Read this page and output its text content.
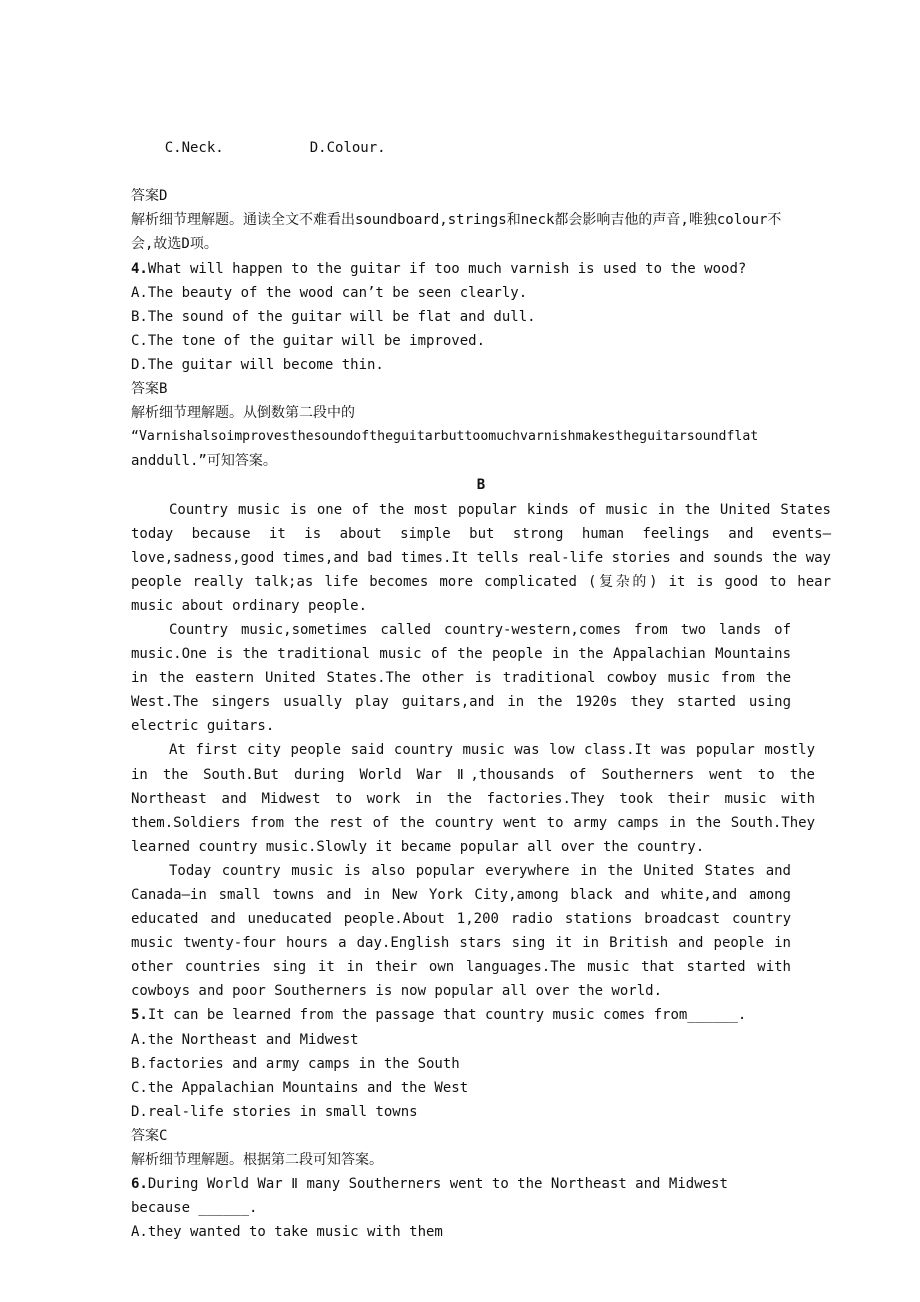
C.Neck.	D.Colour.

答案D
解析细节理解题。通读全文不难看出soundboard,strings和neck都会影响吉他的声音,唯独colour不会,故选D项。
4.What will happen to the guitar if too much varnish is used to the wood?
A.The beauty of the wood can’t be seen clearly.
B.The sound of the guitar will be flat and dull.
C.The tone of the guitar will be improved.
D.The guitar will become thin.
答案B
解析细节理解题。从倒数第二段中的
“Varnishalsoimprovesthesoundoftheguitarbuttoomuchvarnishmakestheguitarsoundflat
anddull.”可知答案。
B
Country music is one of the most popular kinds of music in the United States today because it is about simple but strong human feelings and events—love,sadness,good times,and bad times.It tells real-life stories and sounds the way people really talk;as life becomes more complicated (复杂的) it is good to hear music about ordinary people.
Country music,sometimes called country-western,comes from two lands of music.One is the traditional music of the people in the Appalachian Mountains in the eastern United States.The other is traditional cowboy music from the West.The singers usually play guitars,and in the 1920s they started using electric guitars.
At first city people said country music was low class.It was popular mostly in the South.But during World War Ⅱ,thousands of Southerners went to the Northeast and Midwest to work in the factories.They took their music with them.Soldiers from the rest of the country went to army camps in the South.They learned country music.Slowly it became popular all over the country.
Today country music is also popular everywhere in the United States and Canada—in small towns and in New York City,among black and white,and among educated and uneducated people.About 1,200 radio stations broadcast country music twenty-four hours a day.English stars sing it in British and people in other countries sing it in their own languages.The music that started with cowboys and poor Southerners is now popular all over the world.
5.It can be learned from the passage that country music comes from______.
A.the Northeast and Midwest
B.factories and army camps in the South
C.the Appalachian Mountains and the West
D.real-life stories in small towns
答案C
解析细节理解题。根据第二段可知答案。
6.During World War Ⅱ many Southerners went to the Northeast and Midwest
because ______.
A.they wanted to take music with them
